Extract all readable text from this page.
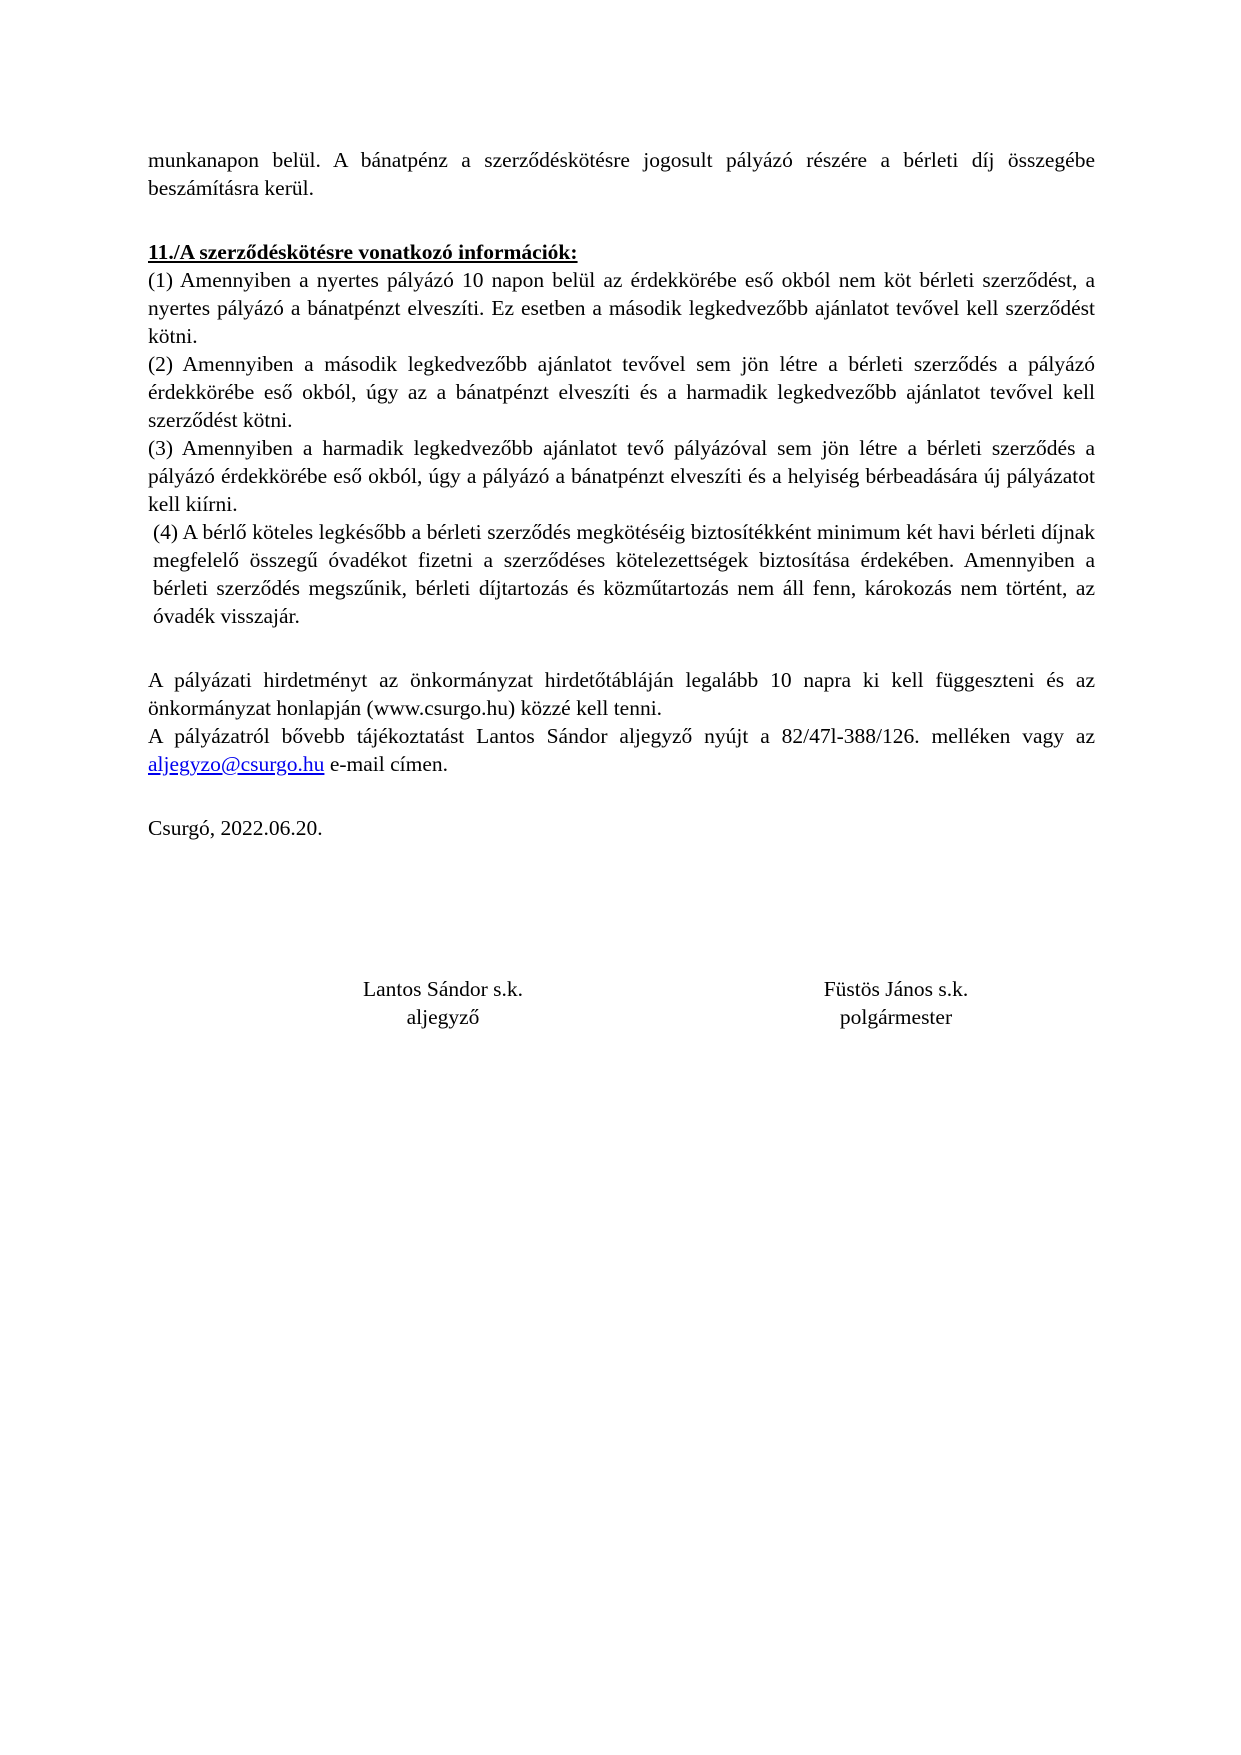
munkanapon belül. A bánatpénz a szerződéskötésre jogosult pályázó részére a bérleti díj összegébe beszámításra kerül.

11./A szerződéskötésre vonatkozó információk:

(1) Amennyiben a nyertes pályázó 10 napon belül az érdekkörébe eső okból nem köt bérleti szerződést, a nyertes pályázó a bánatpénzt elveszíti. Ez esetben a második legkedvezőbb ajánlatot tevővel kell szerződést kötni.

(2) Amennyiben a második legkedvezőbb ajánlatot tevővel sem jön létre a bérleti szerződés a pályázó érdekkörébe eső okból, úgy az a bánatpénzt elveszíti és a harmadik legkedvezőbb ajánlatot tevővel kell szerződést kötni.

(3) Amennyiben a harmadik legkedvezőbb ajánlatot tevő pályázóval sem jön létre a bérleti szerződés a pályázó érdekkörébe eső okból, úgy a pályázó a bánatpénzt elveszíti és a helyiség bérbeadására új pályázatot kell kiírni.

(4) A bérlő köteles legkésőbb a bérleti szerződés megkötéséig biztosítékként minimum két havi bérleti díjnak megfelelő összegű óvadékot fizetni a szerződéses kötelezettségek biztosítása érdekében. Amennyiben a bérleti szerződés megszűnik, bérleti díjtartozás és közműtartozás nem áll fenn, károkozás nem történt, az óvadék visszajár.

A pályázati hirdetményt az önkormányzat hirdetőtábláján legalább 10 napra ki kell függeszteni és az önkormányzat honlapján (www.csurgo.hu) közzé kell tenni.

A pályázatról bővebb tájékoztatást Lantos Sándor aljegyző nyújt a 82/47l-388/126. melléken vagy az aljegyzo@csurgo.hu e-mail címen.

Csurgó, 2022.06.20.

Lantos Sándor s.k.
aljegyző
Füstös János s.k.
polgármester
